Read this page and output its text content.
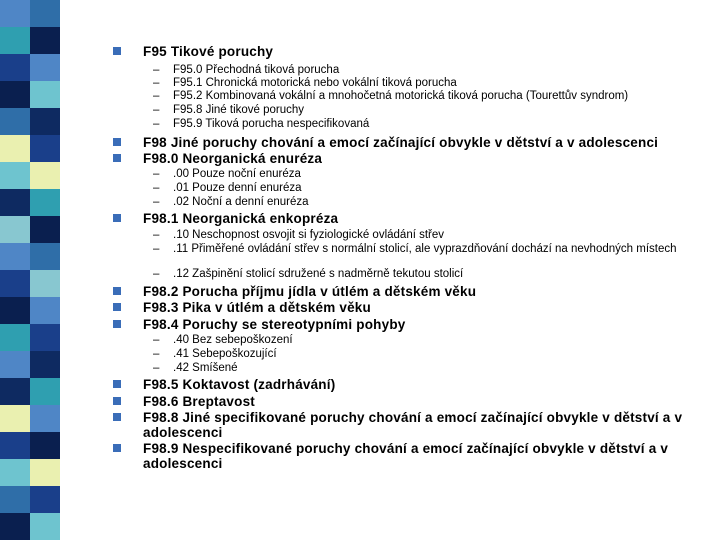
F95 Tikové poruchy
– F95.0 Přechodná tiková porucha
– F95.1 Chronická motorická nebo vokální tiková porucha
– F95.2 Kombinovaná vokální a mnohočetná motorická tiková porucha (Tourettův syndrom)
– F95.8 Jiné tikové poruchy
– F95.9 Tiková porucha nespecifikovaná
F98 Jiné poruchy chování a emocí začínající obvykle v dětství a v adolescenci
F98.0 Neorganická enuréza
– .00 Pouze noční enuréza
– .01 Pouze denní enuréza
– .02 Noční a denní enuréza
F98.1 Neorganická enkopréza
– .10 Neschopnost osvojit si fyziologické ovládání střev
– .11 Přiměřené ovládání střev s normální stolicí, ale vyprazdňování dochází na nevhodných místech
– .12 Zašpinění stolicí sdružené s nadměrně tekutou stolicí
F98.2 Porucha příjmu jídla v útlém a dětském věku
F98.3 Pika v útlém a dětském věku
F98.4 Poruchy se stereotypními pohyby
– .40 Bez sebepoškození
– .41 Sebepoškozující
– .42 Smíšené
F98.5 Koktavost (zadrhávání)
F98.6 Breptavost
F98.8 Jiné specifikované poruchy chování a emocí začínající obvykle v dětství a v adolescenci
F98.9 Nespecifikované poruchy chování a emocí začínající obvykle v dětství a v adolescenci
